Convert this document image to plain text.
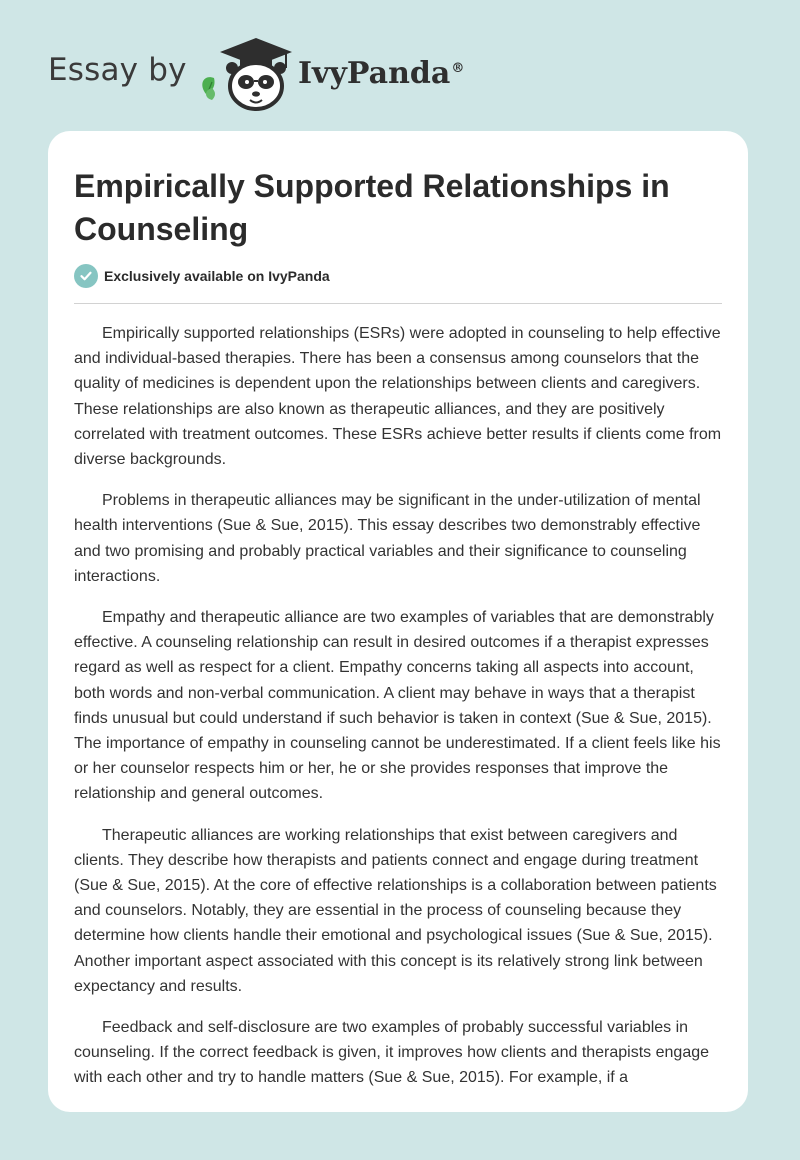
Essay by	IvyPanda®
Empirically Supported Relationships in Counseling
Exclusively available on IvyPanda

Empirically supported relationships (ESRs) were adopted in counseling to help effective and individual-based therapies. There has been a consensus among counselors that the quality of medicines is dependent upon the relationships between clients and caregivers. These relationships are also known as therapeutic alliances, and they are positively correlated with treatment outcomes. These ESRs achieve better results if clients come from diverse backgrounds.

Problems in therapeutic alliances may be significant in the under-utilization of mental health interventions (Sue & Sue, 2015). This essay describes two demonstrably effective and two promising and probably practical variables and their significance to counseling interactions.

Empathy and therapeutic alliance are two examples of variables that are demonstrably effective. A counseling relationship can result in desired outcomes if a therapist expresses regard as well as respect for a client. Empathy concerns taking all aspects into account, both words and non-verbal communication. A client may behave in ways that a therapist finds unusual but could understand if such behavior is taken in context (Sue & Sue, 2015). The importance of empathy in counseling cannot be underestimated. If a client feels like his or her counselor respects him or her, he or she provides responses that improve the relationship and general outcomes.

Therapeutic alliances are working relationships that exist between caregivers and clients. They describe how therapists and patients connect and engage during treatment (Sue & Sue, 2015). At the core of effective relationships is a collaboration between patients and counselors. Notably, they are essential in the process of counseling because they determine how clients handle their emotional and psychological issues (Sue & Sue, 2015). Another important aspect associated with this concept is its relatively strong link between expectancy and results.

Feedback and self-disclosure are two examples of probably successful variables in counseling. If the correct feedback is given, it improves how clients and therapists engage with each other and try to handle matters (Sue & Sue, 2015). For example, if a
